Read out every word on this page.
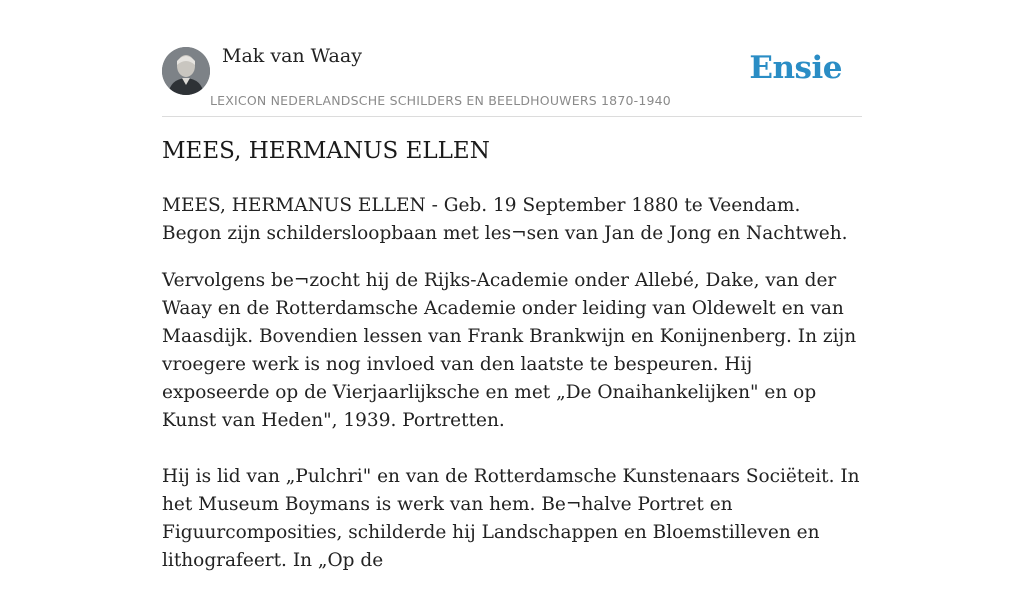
Mak van Waay	Ensie
LEXICON NEDERLANDSCHE SCHILDERS EN BEELDHOUWERS 1870-1940
MEES, HERMANUS ELLEN

MEES, HERMANUS ELLEN - Geb. 19 September 1880 te Veendam. Begon zijn schildersloopbaan met les¬sen van Jan de Jong en Nachtweh.

Vervolgens be¬zocht hij de Rijks-Academie onder Allebé, Dake, van der Waay en de Rotterdamsche Academie onder leiding van Oldewelt en van Maasdijk. Bovendien lessen van Frank Brankwijn en Konijnenberg. In zijn vroegere werk is nog invloed van den laatste te bespeuren. Hij exposeerde op de Vierjaarlijksche en met „De Onaihankelijken" en op Kunst van Heden", 1939. Portretten.

Hij is lid van „Pulchri" en van de Rotterdamsche Kunstenaars Sociëteit. In het Museum Boymans is werk van hem. Be¬halve Portret en Figuurcomposities, schilderde hij Landschappen en Bloemstilleven en lithografeert. In „Op de
